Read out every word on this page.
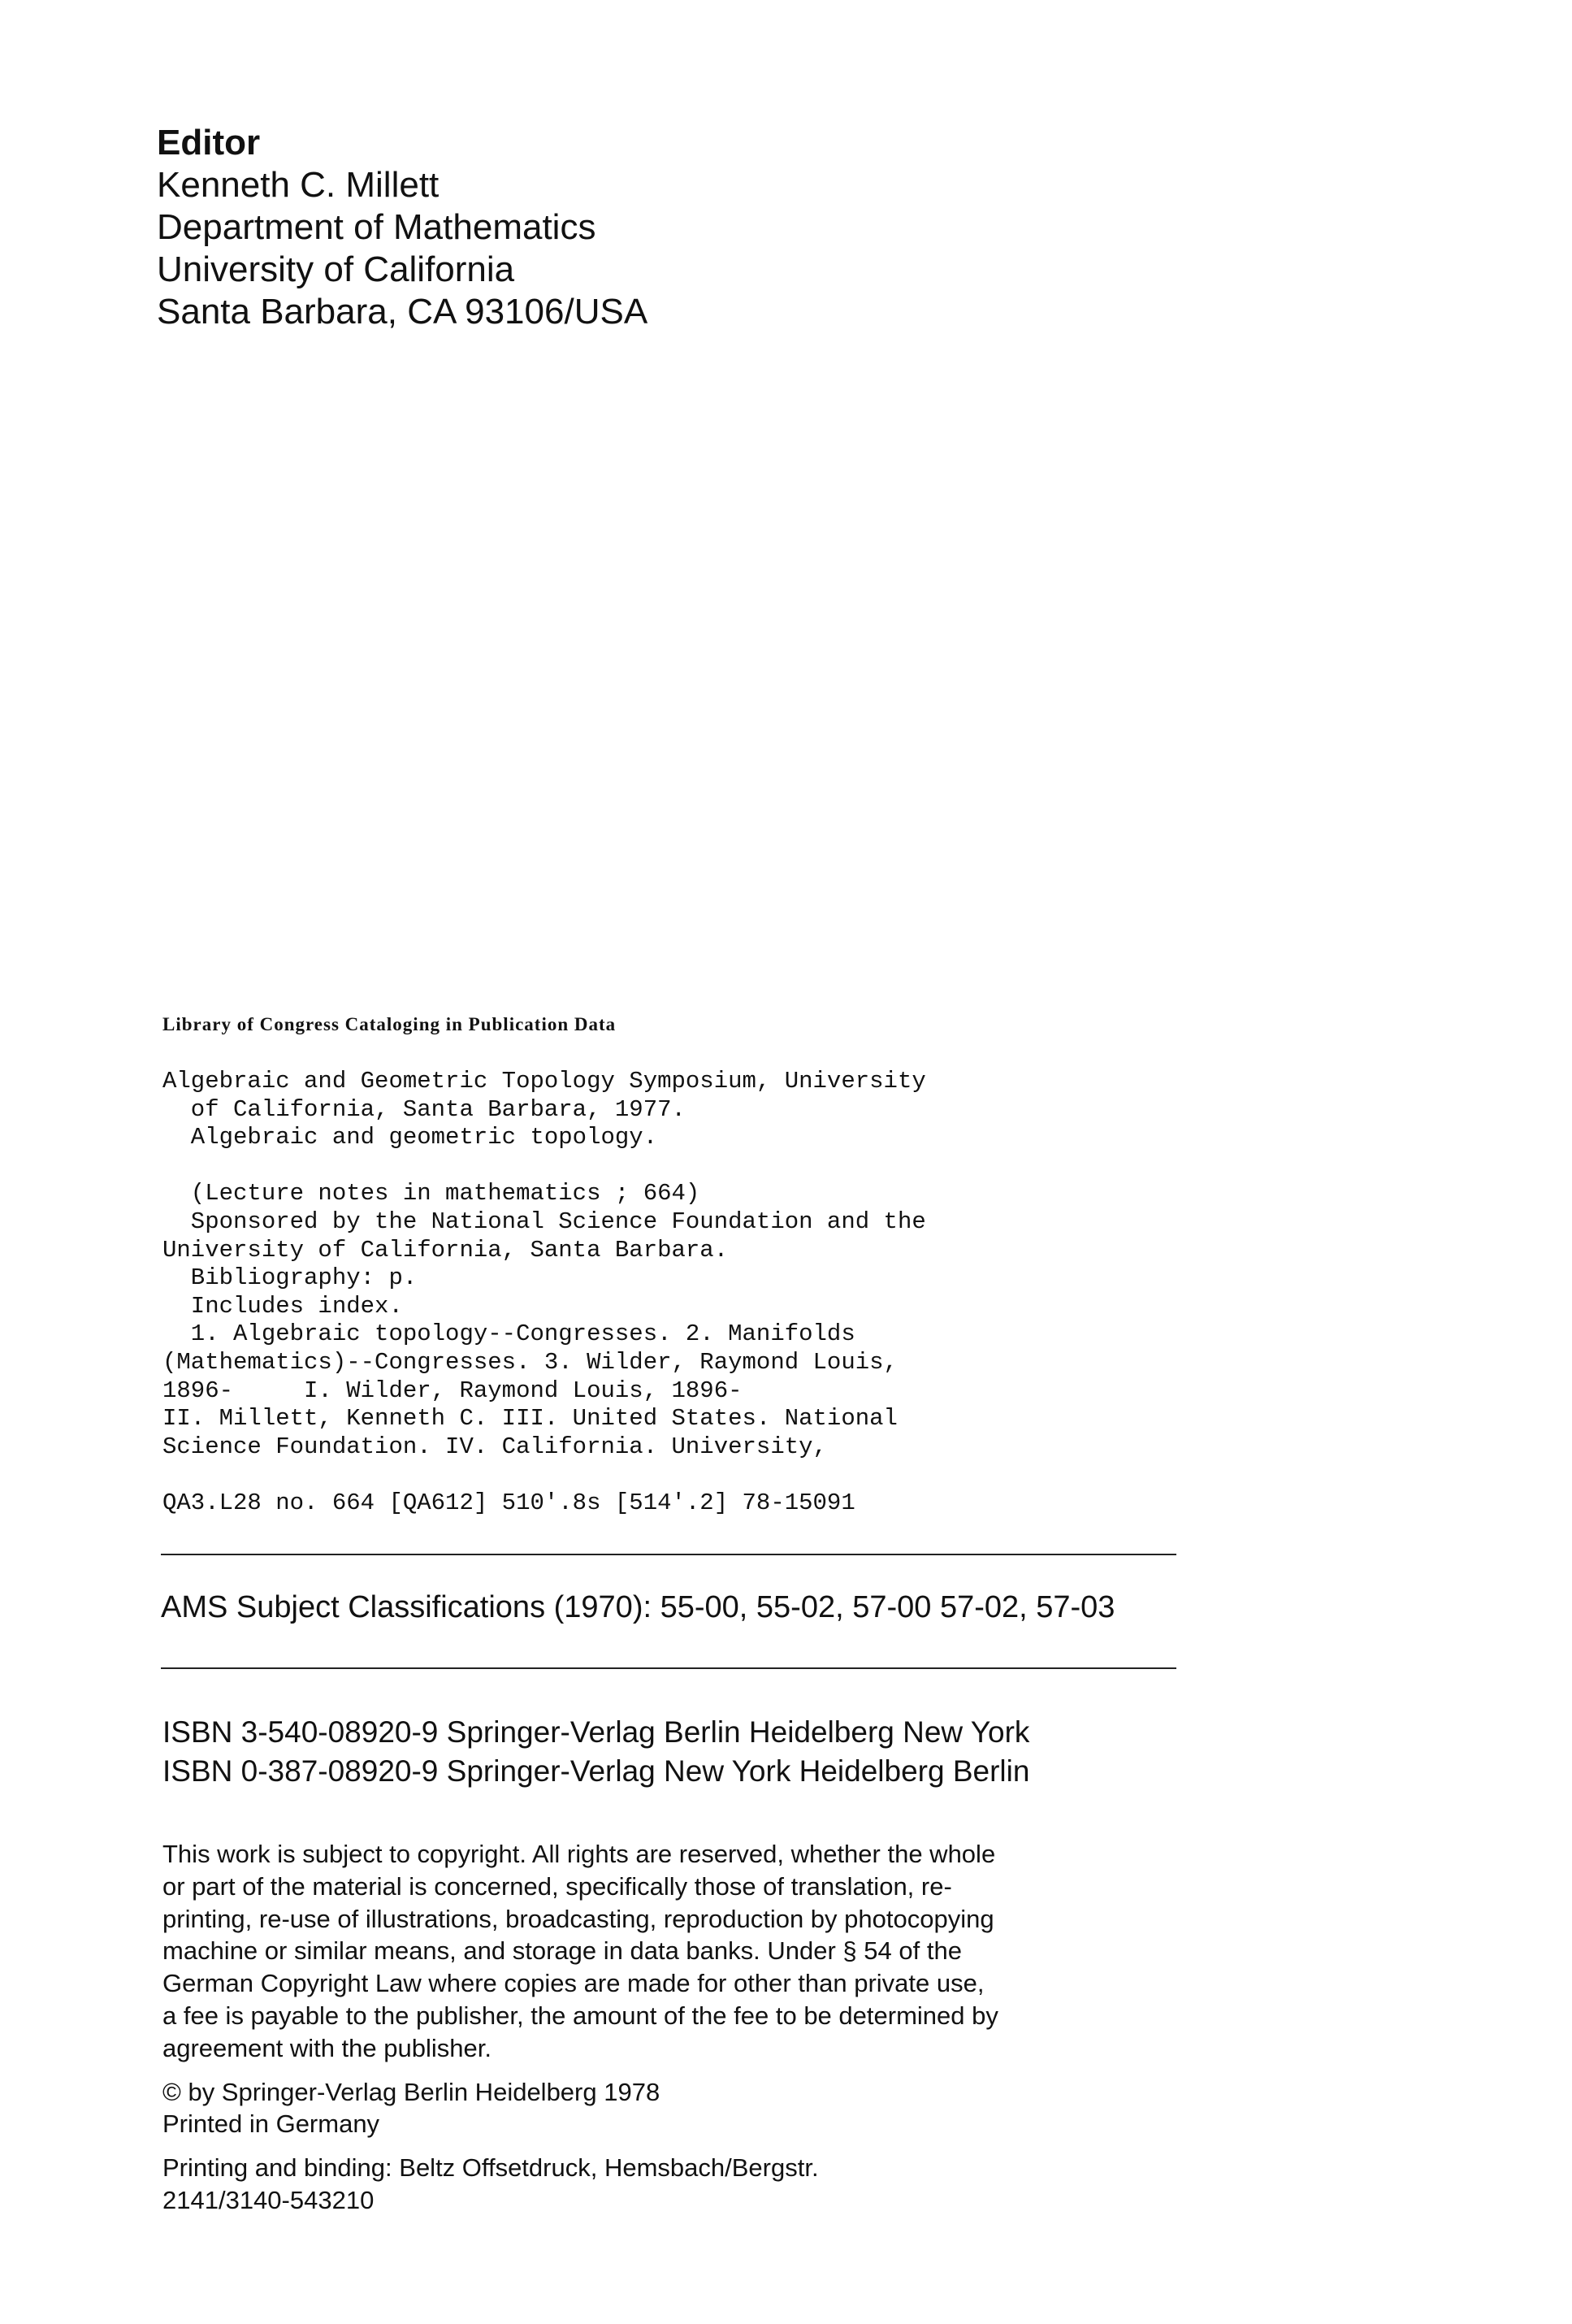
Editor
Kenneth C. Millett
Department of Mathematics
University of California
Santa Barbara, CA 93106/USA
Library of Congress Cataloging in Publication Data
Algebraic and Geometric Topology Symposium, University
of California, Santa Barbara, 1977.
Algebraic and geometric topology.

(Lecture notes in mathematics ; 664)
Sponsored by the National Science Foundation and the
University of California, Santa Barbara.
Bibliography: p.
Includes index.
1. Algebraic topology--Congresses. 2. Manifolds
(Mathematics)--Congresses. 3. Wilder, Raymond Louis,
1896-     I. Wilder, Raymond Louis, 1896-
II. Millett, Kenneth C. III. United States. National
Science Foundation. IV. California. University,

QA3.L28 no. 664 [QA612] 510'.8s [514'.2] 78-15091
AMS Subject Classifications (1970): 55-00, 55-02, 57-00 57-02, 57-03
ISBN 3-540-08920-9 Springer-Verlag Berlin Heidelberg New York
ISBN 0-387-08920-9 Springer-Verlag New York Heidelberg Berlin
This work is subject to copyright. All rights are reserved, whether the whole
or part of the material is concerned, specifically those of translation, re-
printing, re-use of illustrations, broadcasting, reproduction by photocopying
machine or similar means, and storage in data banks. Under § 54 of the
German Copyright Law where copies are made for other than private use,
a fee is payable to the publisher, the amount of the fee to be determined by
agreement with the publisher.
© by Springer-Verlag Berlin Heidelberg 1978
Printed in Germany
Printing and binding: Beltz Offsetdruck, Hemsbach/Bergstr.
2141/3140-543210
